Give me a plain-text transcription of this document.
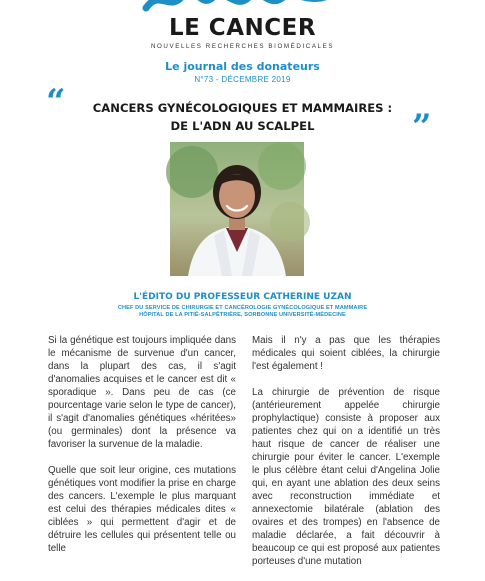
LE CANCER
NOUVELLES RECHERCHES BIOMÉDICALES
Le journal des donateurs
N°73 - DÉCEMBRE 2019
“	CANCERS GYNÉCOLOGIQUES ET MAMMAIRES :
DE L'ADN AU SCALPEL	”
L'ÉDITO DU PROFESSEUR CATHERINE UZAN
CHEF DU SERVICE DE CHIRURGIE ET CANCÉROLOGIE GYNÉCOLOGIQUE ET MAMMAIRE
HÔPITAL DE LA PITIÉ-SALPÊTRIÈRE, SORBONNE UNIVERSITÉ-MÉDECINE

Si la génétique est toujours impliquée dans le mécanisme de survenue d'un cancer, dans la plupart des cas, il s'agit d'anomalies acquises et le cancer est dit « sporadique ». Dans peu de cas (ce pourcentage varie selon le type de cancer), il s'agit d'anomalies génétiques «héritées» (ou germinales) dont la présence va favoriser la survenue de la maladie.

Quelle que soit leur origine, ces mutations génétiques vont modifier la prise en charge des cancers. L'exemple le plus marquant est celui des thérapies médicales dites « ciblées » qui permettent d'agir et de détruire les cellules qui présentent telle ou telle

Mais il n'y a pas que les thérapies médicales qui soient ciblées, la chirurgie l'est également !

La chirurgie de prévention de risque (antérieurement appelée chirurgie prophylactique) consiste à proposer aux patientes chez qui on a identifié un très haut risque de cancer de réaliser une chirurgie pour éviter le cancer. L'exemple le plus célèbre étant celui d'Angelina Jolie qui, en ayant une ablation des deux seins avec reconstruction immédiate et annexectomie bilatérale (ablation des ovaires et des trompes) en l'absence de maladie déclarée, a fait découvrir à beaucoup ce qui est proposé aux patientes porteuses d'une mutation
